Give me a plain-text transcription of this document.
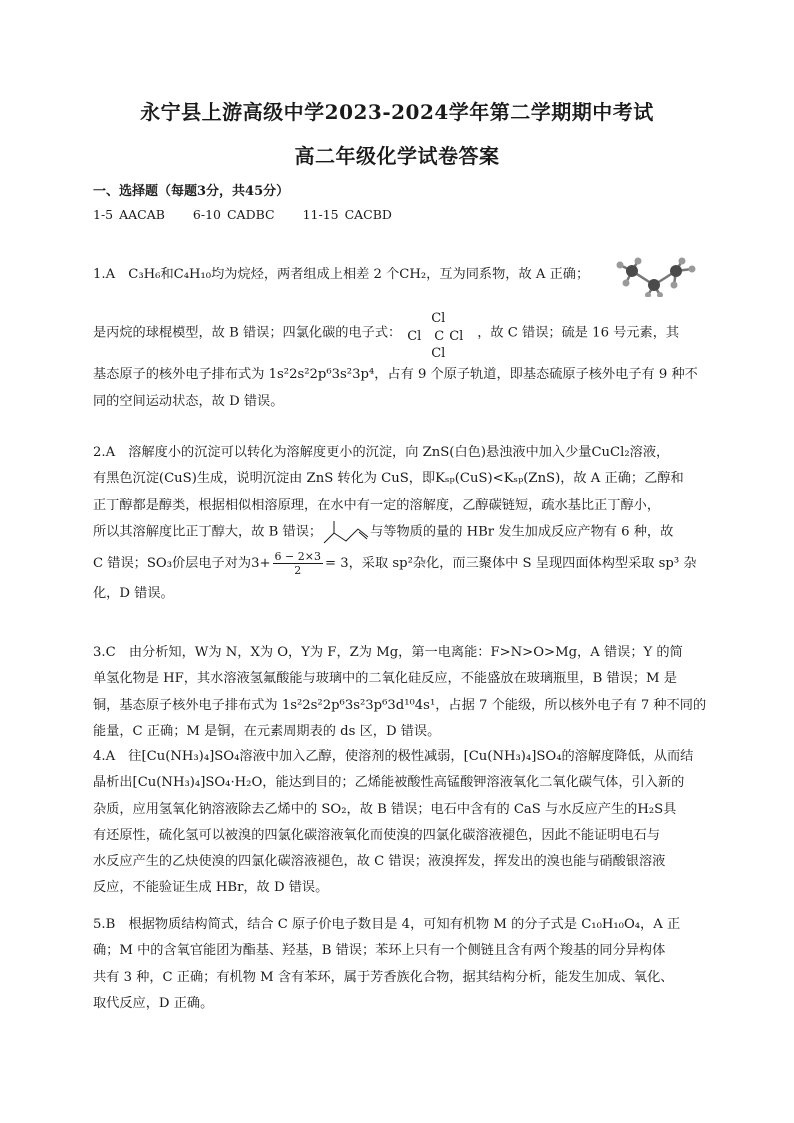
永宁县上游高级中学2023-2024学年第二学期期中考试
高二年级化学试卷答案
一、选择题（每题3分，共45分）
1-5 AACAB 6-10 CADBC 11-15 CACBD
1.A　C₃H₆和C₄H₁₀均为烷烃，两者组成上相差 2 个CH₂，互为同系物，故 A 正确；
是丙烷的球棍模型，故 B 错误；四氯化碳的电子式：
Cl
Cl C Cl
Cl
，故 C 错误；硫是 16 号元素，其
基态原子的核外电子排布式为 1s²2s²2p⁶3s²3p⁴，占有 9 个原子轨道，即基态硫原子核外电子有 9 种不
同的空间运动状态，故 D 错误。
2.A　溶解度小的沉淀可以转化为溶解度更小的沉淀，向 ZnS(白色)悬浊液中加入少量CuCl₂溶液，
有黑色沉淀(CuS)生成，说明沉淀由 ZnS 转化为 CuS，即Kₛₚ(CuS)<Kₛₚ(ZnS)，故 A 正确；乙醇和
正丁醇都是醇类，根据相似相溶原理，在水中有一定的溶解度，乙醇碳链短，疏水基比正丁醇小，
所以其溶解度比正丁醇大，故 B 错误；	与等物质的量的 HBr 发生加成反应产物有 6 种，故
C 错误；SO₃价层电子对为$3+ \frac{6 - 2\times 3}{2} = 3$，采取 sp²杂化，而三聚体中 S 呈现四面体构型采取 sp³ 杂
化，D 错误。
3.C　由分析知，W为 N，X为 O，Y为 F，Z为 Mg，第一电离能：F>N>O>Mg，A 错误；Y 的简
单氢化物是 HF，其水溶液氢氟酸能与玻璃中的二氧化硅反应，不能盛放在玻璃瓶里，B 错误；M 是
铜，基态原子核外电子排布式为 1s²2s²2p⁶3s²3p⁶3d¹⁰4s¹，占据 7 个能级，所以核外电子有 7 种不同的
能量，C 正确；M 是铜，在元素周期表的 ds 区，D 错误。
4.A　往[Cu(NH₃)₄]SO₄溶液中加入乙醇，使溶剂的极性减弱，[Cu(NH₃)₄]SO₄的溶解度降低，从而结
晶析出[Cu(NH₃)₄]SO₄·H₂O，能达到目的；乙烯能被酸性高锰酸钾溶液氧化二氧化碳气体，引入新的
杂质，应用氢氧化钠溶液除去乙烯中的 SO₂，故 B 错误；电石中含有的 CaS 与水反应产生的H₂S具
有还原性，硫化氢可以被溴的四氯化碳溶液氧化而使溴的四氯化碳溶液褪色，因此不能证明电石与
水反应产生的乙炔使溴的四氯化碳溶液褪色，故 C 错误；液溴挥发，挥发出的溴也能与硝酸银溶液
反应，不能验证生成 HBr，故 D 错误。
5.B　根据物质结构简式，结合 C 原子价电子数目是 4，可知有机物 M 的分子式是 C₁₀H₁₀O₄，A 正
确；M 中的含氧官能团为酯基、羟基，B 错误；苯环上只有一个侧链且含有两个羧基的同分异构体
共有 3 种，C 正确；有机物 M 含有苯环，属于芳香族化合物，据其结构分析，能发生加成、氧化、
取代反应，D 正确。
